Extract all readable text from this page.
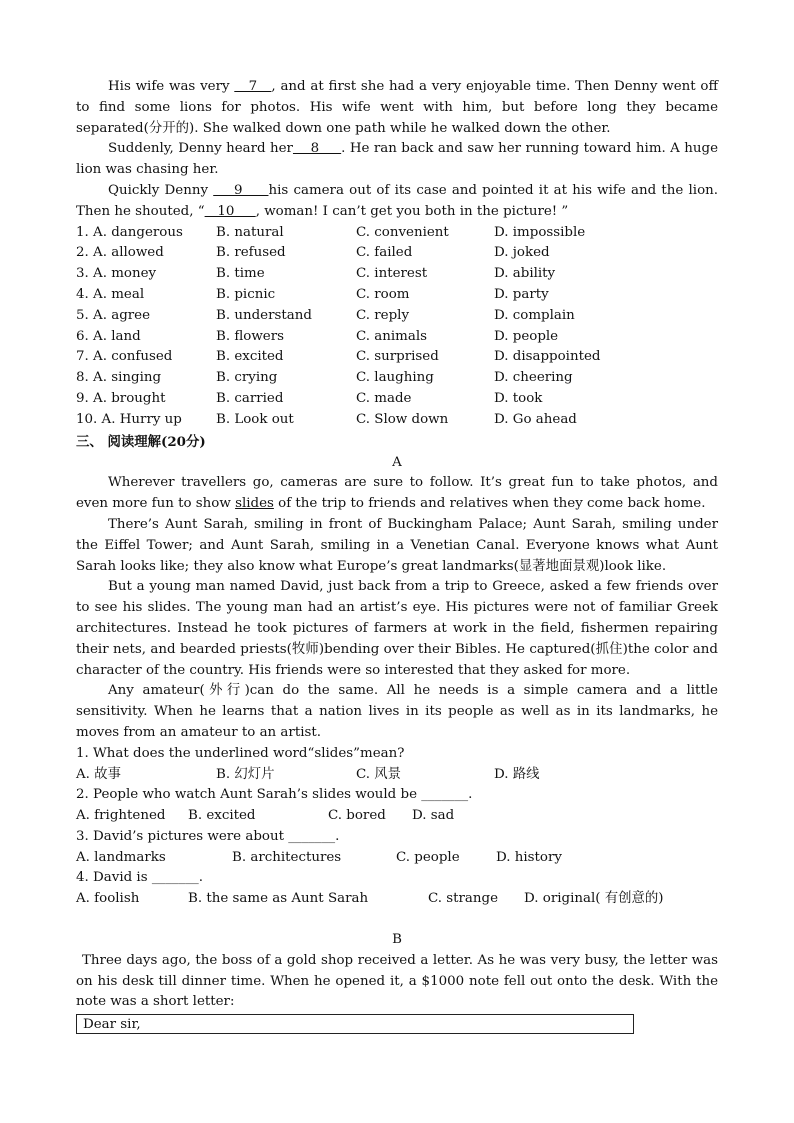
His wife was very    7   , and at first she had a very enjoyable time. Then Denny went off to find some lions for photos. His wife went with him, but before long they became separated(分开的). She walked down one path while he walked down the other.

Suddenly, Denny heard her    8     . He ran back and saw her running toward him. A huge lion was chasing her.

Quickly Denny     9     his camera out of its case and pointed it at his wife and the lion. Then he shouted, “   10     , woman! I can’t get you both in the picture! ”

1. A. dangerous B. natural	C. convenient	D. impossible
2. A. allowed	B. refused	C. failed	D. joked
3. A. money	B. time	C. interest	D. ability
4. A. meal	B. picnic	C. room	D. party
5. A. agree	B. understand	C. reply	D. complain
6. A. land	B. flowers	C. animals	D. people
7. A. confused	B. excited	C. surprised	D. disappointed
8. A. singing	B. crying	C. laughing	D. cheering
9. A. brought	B. carried	C. made	D. took
10. A. Hurry up	B. Look out	C. Slow down	D. Go ahead
三、 阅读理解(20分)
A

Wherever travellers go, cameras are sure to follow. It’s great fun to take photos, and even more fun to show slides of the trip to friends and relatives when they come back home.

There’s Aunt Sarah, smiling in front of Buckingham Palace; Aunt Sarah, smiling under the Eiffel Tower; and Aunt Sarah, smiling in a Venetian Canal. Everyone knows what Aunt Sarah looks like; they also know what Europe’s great landmarks(显著地面景观)look like.

But a young man named David, just back from a trip to Greece, asked a few friends over to see his slides. The young man had an artist’s eye. His pictures were not of familiar Greek architectures. Instead he took pictures of farmers at work in the field, fishermen repairing their nets, and bearded priests(牧师)bending over their Bibles. He captured(抓住)the color and character of the country. His friends were so interested that they asked for more.

Any amateur(外行)can do the same. All he needs is a simple camera and a little sensitivity. When he learns that a nation lives in its people as well as in its landmarks, he moves from an amateur to an artist.

1. What does the underlined word“slides”mean?
A. 故事	B. 幻灯片	C. 风景	D. 路线
2. People who watch Aunt Sarah’s slides would be _______.
A. frightened B. excited	C. bored D. sad
3. David’s pictures were about _______.
A. landmarks	B. architectures	C. people	D. history
4. David is _______.
A. foolish	B. the same as Aunt Sarah	C. strange D. original( 有创意的)
B

Three days ago, the boss of a gold shop received a letter. As he was very busy, the letter was on his desk till dinner time. When he opened it, a $1000 note fell out onto the desk. With the note was a short letter:

Dear sir,
